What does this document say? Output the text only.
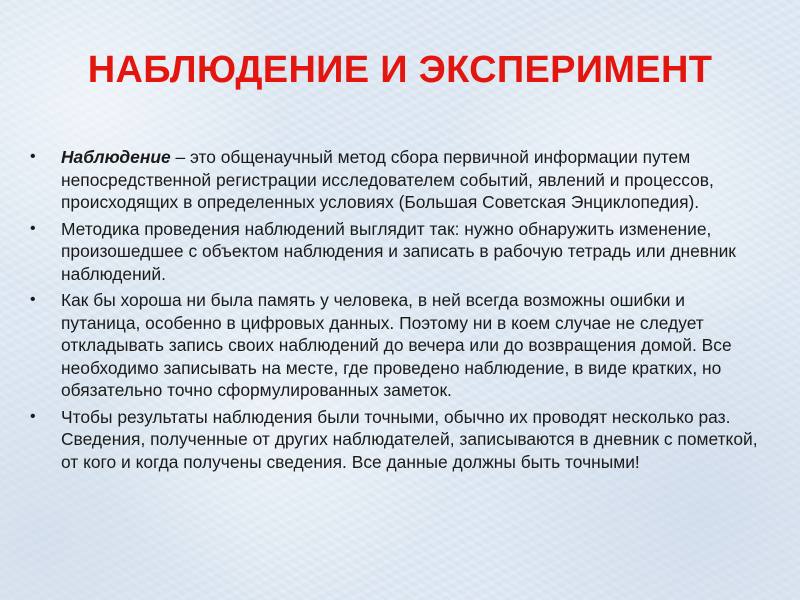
НАБЛЮДЕНИЕ И ЭКСПЕРИМЕНТ
• Наблюдение – это общенаучный метод сбора первичной информации путем непосредственной регистрации исследователем событий, явлений и процессов, происходящих в определенных условиях (Большая Советская Энциклопедия).
• Методика проведения наблюдений выглядит так: нужно обнаружить изменение, произошедшее с объектом наблюдения и записать в рабочую тетрадь или дневник наблюдений.
• Как бы хороша ни была память у человека, в ней всегда возможны ошибки и путаница, особенно в цифровых данных. Поэтому ни в коем случае не следует откладывать запись своих наблюдений до вечера или до возвращения домой. Все необходимо записывать на месте, где проведено наблюдение, в виде кратких, но обязательно точно сформулированных заметок.
• Чтобы результаты наблюдения были точными, обычно их проводят несколько раз. Сведения, полученные от других наблюдателей, записываются в дневник с пометкой, от кого и когда получены сведения. Все данные должны быть точными!
